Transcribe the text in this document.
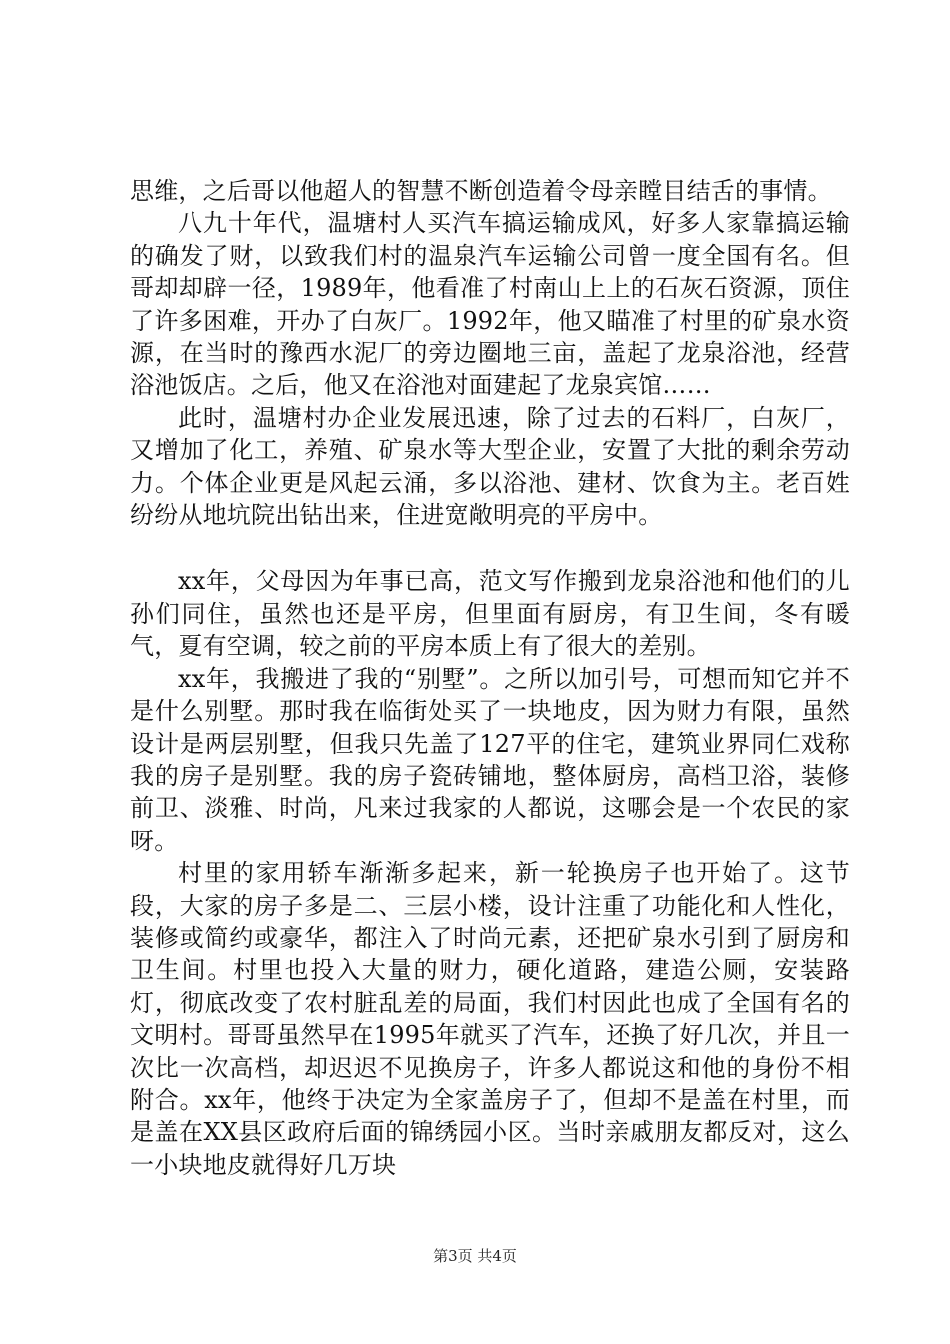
思维，之后哥以他超人的智慧不断创造着令母亲瞠目结舌的事情。

八九十年代，温塘村人买汽车搞运输成风，好多人家靠搞运输的确发了财，以致我们村的温泉汽车运输公司曾一度全国有名。但哥却却辟一径，1989年，他看准了村南山上上的石灰石资源，顶住了许多困难，开办了白灰厂。1992年，他又瞄准了村里的矿泉水资源，在当时的豫西水泥厂的旁边圈地三亩，盖起了龙泉浴池，经营浴池饭店。之后，他又在浴池对面建起了龙泉宾馆……

此时，温塘村办企业发展迅速，除了过去的石料厂，白灰厂，又增加了化工，养殖、矿泉水等大型企业，安置了大批的剩余劳动力。个体企业更是风起云涌，多以浴池、建材、饮食为主。老百姓纷纷从地坑院出钻出来，住进宽敞明亮的平房中。

xx年，父母因为年事已高，范文写作搬到龙泉浴池和他们的儿孙们同住，虽然也还是平房，但里面有厨房，有卫生间，冬有暖气，夏有空调，较之前的平房本质上有了很大的差别。

xx年，我搬进了我的“别墅”。之所以加引号，可想而知它并不是什么别墅。那时我在临街处买了一块地皮，因为财力有限，虽然设计是两层别墅，但我只先盖了127平的住宅，建筑业界同仁戏称我的房子是别墅。我的房子瓷砖铺地，整体厨房，高档卫浴，装修前卫、淡雅、时尚，凡来过我家的人都说，这哪会是一个农民的家呀。

村里的家用轿车渐渐多起来，新一轮换房子也开始了。这节段，大家的房子多是二、三层小楼，设计注重了功能化和人性化，装修或简约或豪华，都注入了时尚元素，还把矿泉水引到了厨房和卫生间。村里也投入大量的财力，硬化道路，建造公厕，安装路灯，彻底改变了农村脏乱差的局面，我们村因此也成了全国有名的文明村。哥哥虽然早在1995年就买了汽车，还换了好几次，并且一次比一次高档，却迟迟不见换房子，许多人都说这和他的身份不相附合。xx年，他终于决定为全家盖房子了，但却不是盖在村里，而是盖在XX县区政府后面的锦绣园小区。当时亲戚朋友都反对，这么一小块地皮就得好几万块

第3页 共4页
